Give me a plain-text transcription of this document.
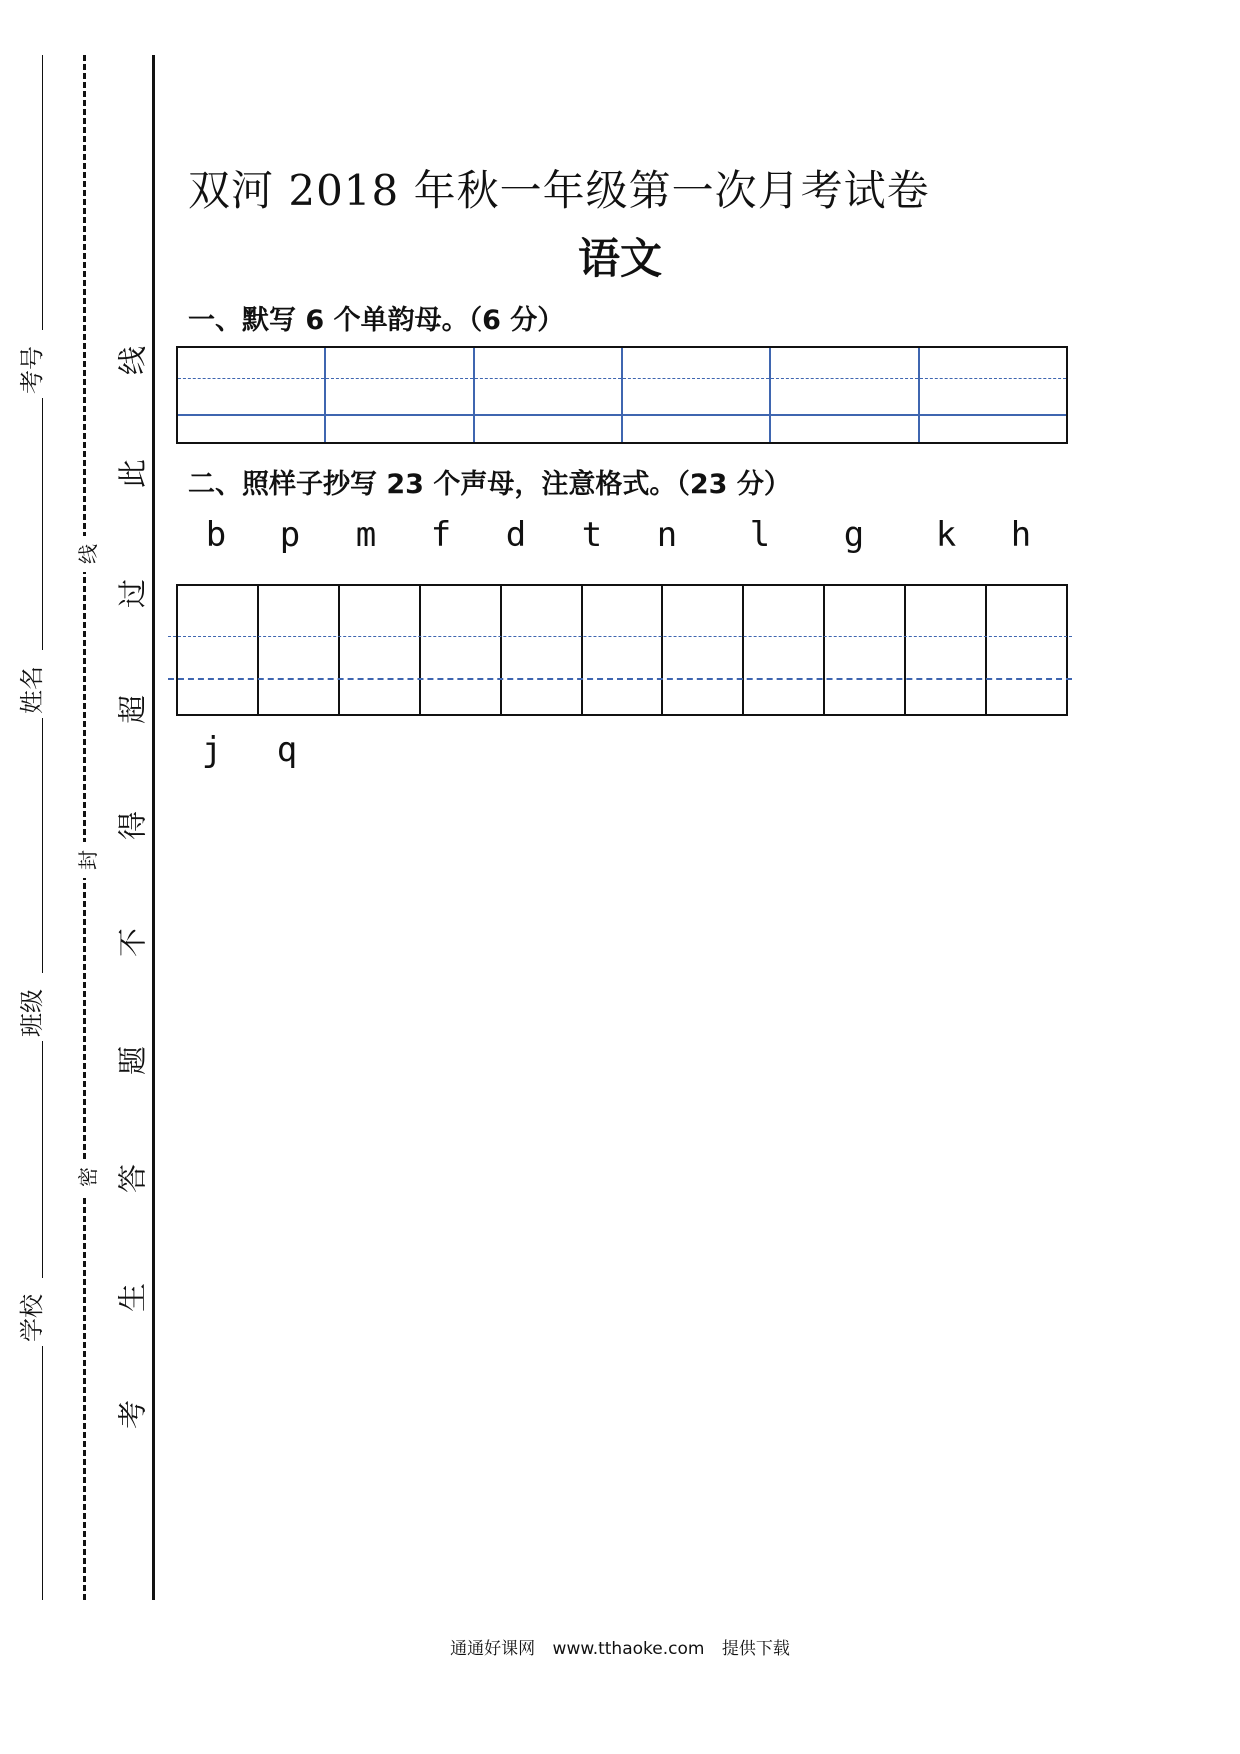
考号
姓名
班级
学校
线
封
密
线
此
过
超
得
不
题
答
生
考
双河 2018 年秋一年级第一次月考试卷
语文
一、默写 6 个单韵母。（6 分）
二、照样子抄写 23 个声母，注意格式。（23 分）
b p m f d t n l g k h
j q
通通好课网 www.tthaoke.com 提供下载
